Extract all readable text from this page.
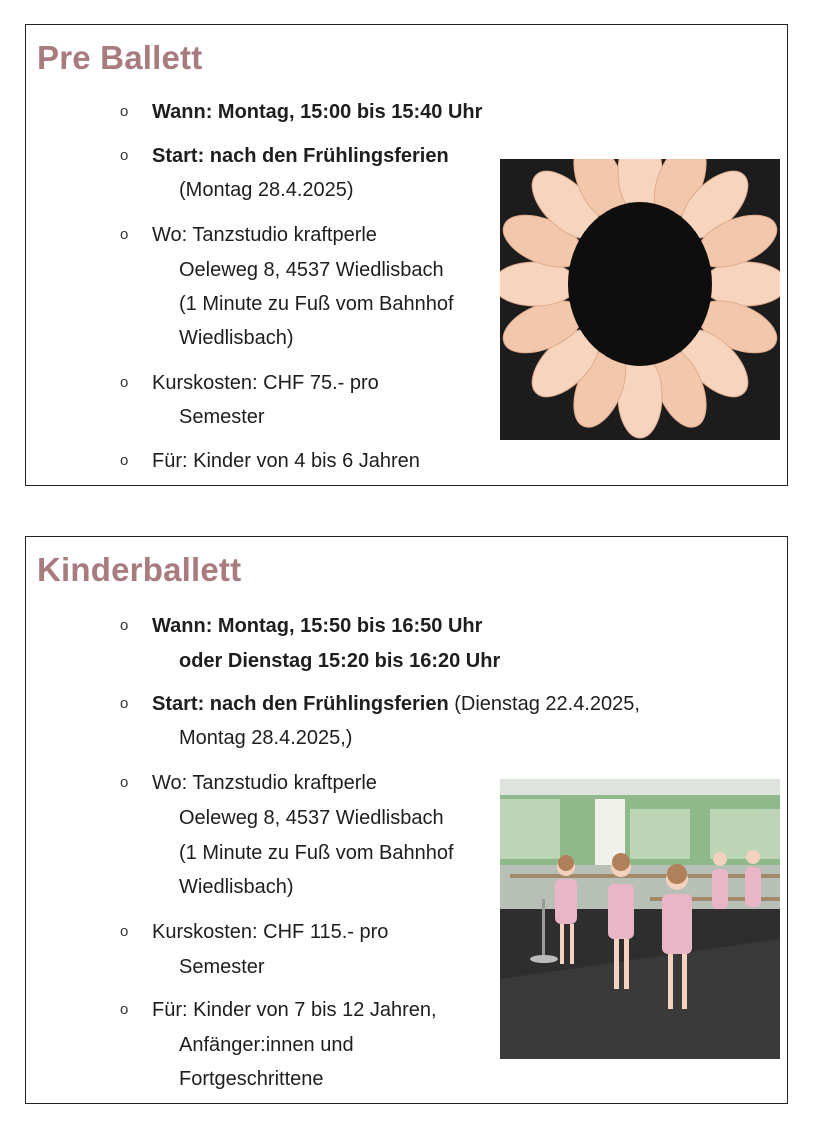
Pre Ballett
o Wann: Montag, 15:00 bis 15:40 Uhr
o Start: nach den Frühlingsferien
(Montag 28.4.2025)
o Wo: Tanzstudio kraftperle
Oeleweg 8, 4537 Wiedlisbach
(1 Minute zu Fuß vom Bahnhof
Wiedlisbach)
o Kurskosten: CHF 75.- pro
Semester
o Für: Kinder von 4 bis 6 Jahren
Kinderballett
o Wann: Montag, 15:50 bis 16:50 Uhr
oder Dienstag 15:20 bis 16:20 Uhr
o Start: nach den Frühlingsferien (Dienstag 22.4.2025,
Montag 28.4.2025,)
o Wo: Tanzstudio kraftperle
Oeleweg 8, 4537 Wiedlisbach
(1 Minute zu Fuß vom Bahnhof
Wiedlisbach)
o Kurskosten: CHF 115.- pro
Semester
o Für: Kinder von 7 bis 12 Jahren,
Anfänger:innen und
Fortgeschrittene
